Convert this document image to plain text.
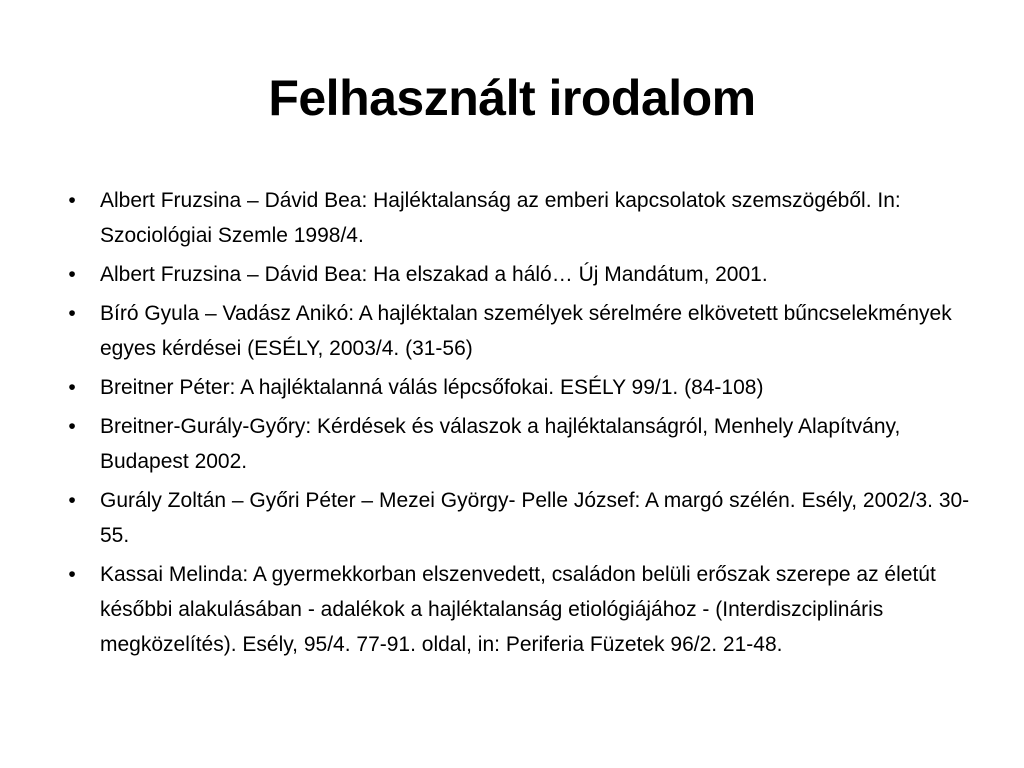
Felhasznált irodalom
•	Albert Fruzsina – Dávid Bea: Hajléktalanság az emberi kapcsolatok szemszögéből. In: Szociológiai Szemle 1998/4.
•	Albert Fruzsina – Dávid Bea: Ha elszakad a háló… Új Mandátum, 2001.
•	Bíró Gyula – Vadász Anikó: A hajléktalan személyek sérelmére elkövetett bűncselekmények egyes kérdései (ESÉLY, 2003/4. (31-56)
•	Breitner Péter: A hajléktalanná válás lépcsőfokai. ESÉLY 99/1. (84-108)
•	Breitner-Gurály-Győry: Kérdések és válaszok a hajléktalanságról, Menhely Alapítvány, Budapest 2002.
•	Gurály Zoltán – Győri Péter – Mezei György- Pelle József: A margó szélén. Esély, 2002/3. 30-55.
•	Kassai Melinda: A gyermekkorban elszenvedett, családon belüli erőszak szerepe az életút későbbi alakulásában - adalékok a hajléktalanság etiológiájához - (Interdiszciplináris megközelítés). Esély, 95/4. 77-91. oldal, in: Periferia Füzetek 96/2. 21-48.
